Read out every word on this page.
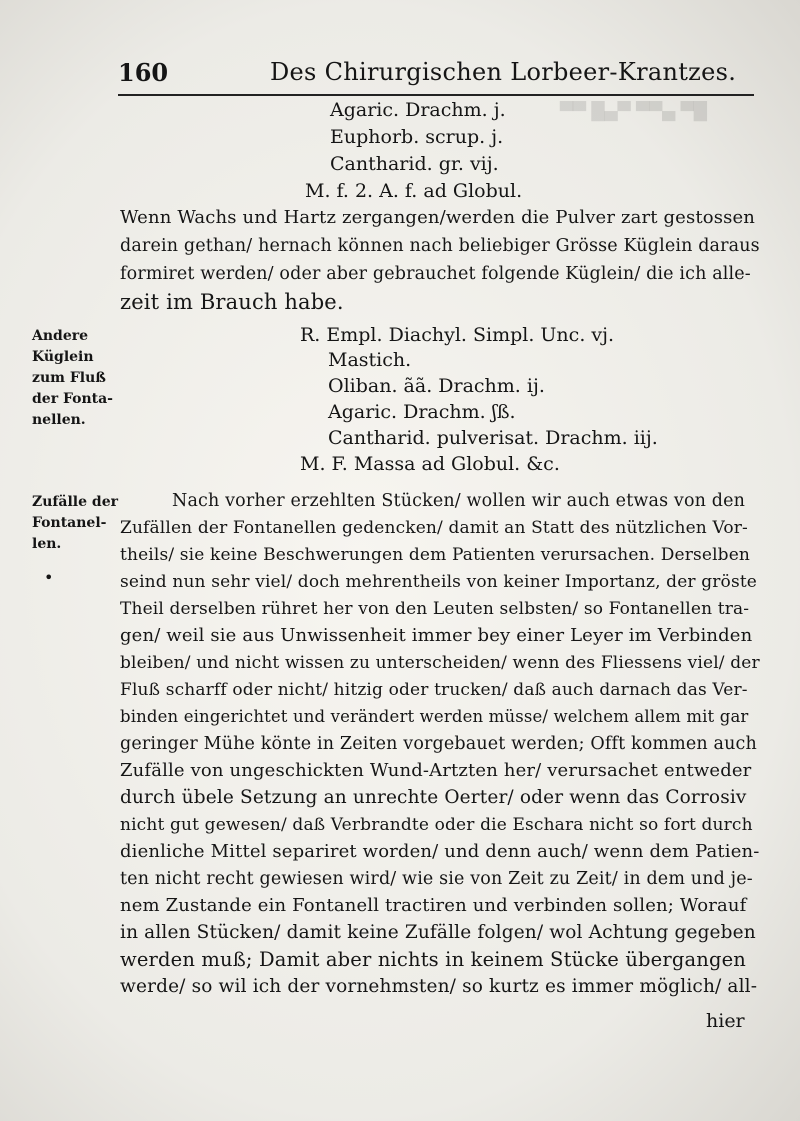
█▀ ▄▀▀ ▀▄█ ▀▀
160	Des Chirurgischen Lorbeer-Krantzes.
Agaric. Drachm. j.
Euphorb. scrup. j.
Cantharid. gr. vij.
M. f. 2. A. f. ad Globul.
Wenn Wachs und Hartz zergangen/werden die Pulver zart gestossen
darein gethan/ hernach können nach beliebiger Grösse Küglein daraus
formiret werden/ oder aber gebrauchet folgende Küglein/ die ich alle-
zeit im Brauch habe.
Andere
Küglein
zum Fluß
der Fonta-
nellen.
R. Empl. Diachyl. Simpl. Unc. vj.
Mastich.
Oliban. ãã. Drachm. ij.
Agaric. Drachm. ʃß.
Cantharid. pulverisat. Drachm. iij.
M. F. Massa ad Globul. &c.
Zufälle der
Fontanel-
len.
•
Nach vorher erzehlten Stücken/ wollen wir auch etwas von den
Zufällen der Fontanellen gedencken/ damit an Statt des nützlichen Vor-
theils/ sie keine Beschwerungen dem Patienten verursachen. Derselben
seind nun sehr viel/ doch mehrentheils von keiner Importanz, der gröste
Theil derselben rühret her von den Leuten selbsten/ so Fontanellen tra-
gen/ weil sie aus Unwissenheit immer bey einer Leyer im Verbinden
bleiben/ und nicht wissen zu unterscheiden/ wenn des Fliessens viel/ der
Fluß scharff oder nicht/ hitzig oder trucken/ daß auch darnach das Ver-
binden eingerichtet und verändert werden müsse/ welchem allem mit gar
geringer Mühe könte in Zeiten vorgebauet werden; Offt kommen auch
Zufälle von ungeschickten Wund-Artzten her/ verursachet entweder
durch übele Setzung an unrechte Oerter/ oder wenn das Corrosiv
nicht gut gewesen/ daß Verbrandte oder die Eschara nicht so fort durch
dienliche Mittel separiret worden/ und denn auch/ wenn dem Patien-
ten nicht recht gewiesen wird/ wie sie von Zeit zu Zeit/ in dem und je-
nem Zustande ein Fontanell tractiren und verbinden sollen; Worauf
in allen Stücken/ damit keine Zufälle folgen/ wol Achtung gegeben
werden muß; Damit aber nichts in keinem Stücke übergangen
werde/ so wil ich der vornehmsten/ so kurtz es immer möglich/ all-
hier
